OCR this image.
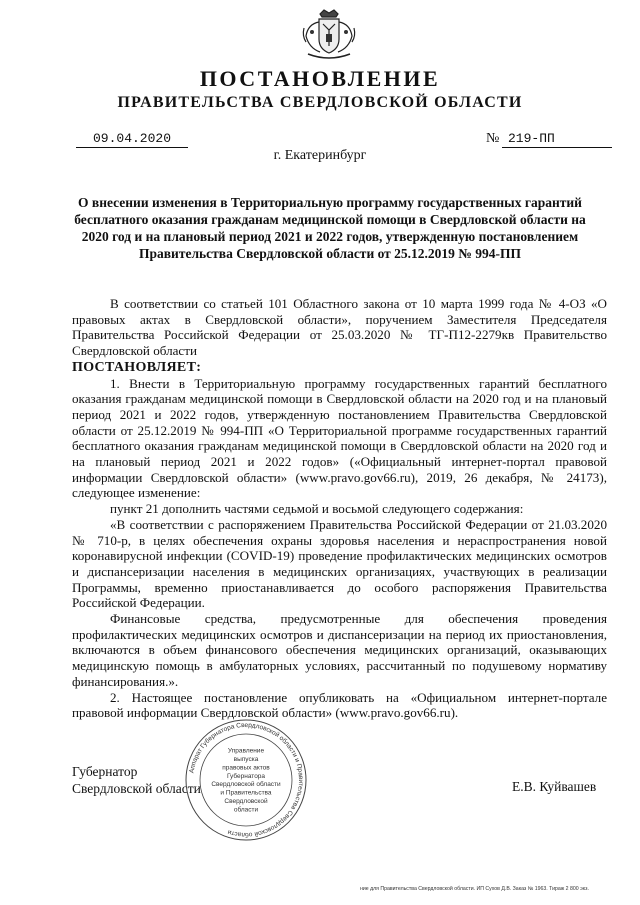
ПОСТАНОВЛЕНИЕ
ПРАВИТЕЛЬСТВА СВЕРДЛОВСКОЙ ОБЛАСТИ
09.04.2020	№ 219-ПП
г. Екатеринбург
О внесении изменения в Территориальную программу государственных гарантий бесплатного оказания гражданам медицинской помощи в Свердловской области на 2020 год и на плановый период 2021 и 2022 годов, утвержденную постановлением Правительства Свердловской области от 25.12.2019 № 994-ПП

В соответствии со статьей 101 Областного закона от 10 марта 1999 года № 4-ОЗ «О правовых актах в Свердловской области», поручением Заместителя Председателя Правительства Российской Федерации от 25.03.2020 № ТГ-П12-2279кв Правительство Свердловской области

ПОСТАНОВЛЯЕТ:

1. Внести в Территориальную программу государственных гарантий бесплатного оказания гражданам медицинской помощи в Свердловской области на 2020 год и на плановый период 2021 и 2022 годов, утвержденную постановлением Правительства Свердловской области от 25.12.2019 № 994-ПП «О Территориальной программе государственных гарантий бесплатного оказания гражданам медицинской помощи в Свердловской области на 2020 год и на плановый период 2021 и 2022 годов» («Официальный интернет-портал правовой информации Свердловской области» (www.pravo.gov66.ru), 2019, 26 декабря, № 24173), следующее изменение:

пункт 21 дополнить частями седьмой и восьмой следующего содержания:

«В соответствии с распоряжением Правительства Российской Федерации от 21.03.2020 № 710-р, в целях обеспечения охраны здоровья населения и нераспространения новой коронавирусной инфекции (COVID-19) проведение профилактических медицинских осмотров и диспансеризации населения в медицинских организациях, участвующих в реализации Программы, временно приостанавливается до особого распоряжения Правительства Российской Федерации.

Финансовые средства, предусмотренные для обеспечения проведения профилактических медицинских осмотров и диспансеризации на период их приостановления, включаются в объем финансового обеспечения медицинских организаций, оказывающих медицинскую помощь в амбулаторных условиях, рассчитанный по подушевому нормативу финансирования.».

2. Настоящее постановление опубликовать на «Официальном интернет-портале правовой информации Свердловской области» (www.pravo.gov66.ru).

Губернатор
Свердловской области
Аппарат Губернатора Свердловской области и Правительства Свердловской области
Управление
выпуска
правовых актов
Губернатора
Свердловской области
и Правительства
Свердловской
области
Е.В. Куйвашев
ние для Правительства Свердловской области. ИП Сухов Д.В. Заказ № 1963. Тираж 2 800 экз.
